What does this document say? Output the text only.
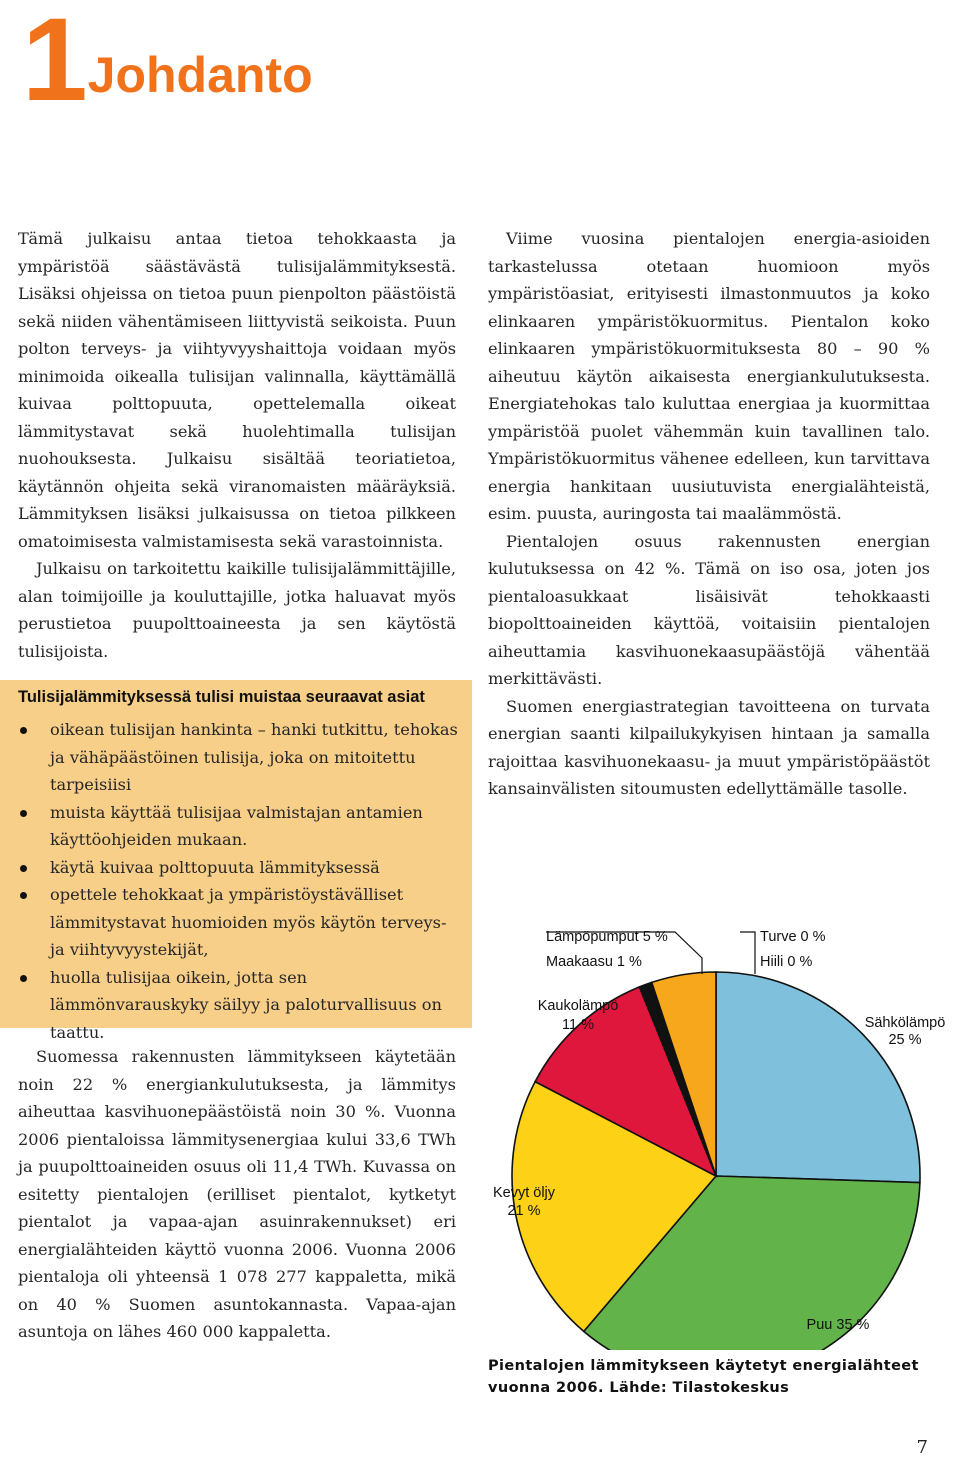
1 Johdanto

Tämä julkaisu antaa tietoa tehokkaasta ja ympäristöä säästävästä tulisijalämmityksestä. Lisäksi ohjeissa on tietoa puun pienpolton päästöistä sekä niiden vähentämiseen liittyvistä seikoista. Puun polton terveys- ja viihtyvyyshaittoja voidaan myös minimoida oikealla tulisijan valinnalla, käyttämällä kuivaa polttopuuta, opettelemalla oikeat lämmitystavat sekä huolehtimalla tulisijan nuohouksesta. Julkaisu sisältää teoriatietoa, käytännön ohjeita sekä viranomaisten määräyksiä. Lämmityksen lisäksi julkaisussa on tietoa pilkkeen omatoimisesta valmistamisesta sekä varastoinnista.

Julkaisu on tarkoitettu kaikille tulisijalämmittäjille, alan toimijoille ja kouluttajille, jotka haluavat myös perustietoa puupolttoaineesta ja sen käytöstä tulisijoista.

Tulisijalämmityksessä tulisi muistaa seuraavat asiat
oikean tulisijan hankinta – hanki tutkittu, tehokas ja vähäpäästöinen tulisija, joka on mitoitettu tarpeisiisi
muista käyttää tulisijaa valmistajan antamien käyttöohjeiden mukaan.
käytä kuivaa polttopuuta lämmityksessä
opettele tehokkaat ja ympäristöystävälliset lämmitystavat huomioiden myös käytön terveys- ja viihtyvyystekijät,
huolla tulisijaa oikein, jotta sen lämmönvarauskyky säilyy ja paloturvallisuus on taattu.

Suomessa rakennusten lämmitykseen käytetään noin 22 % energiankulutuksesta, ja lämmitys aiheuttaa kasvihuonepäästöistä noin 30 %. Vuonna 2006 pientaloissa lämmitysenergiaa kului 33,6 TWh ja puupolttoaineiden osuus oli 11,4 TWh. Kuvassa on esitetty pientalojen (erilliset pientalot, kytketyt pientalot ja vapaa-ajan asuinrakennukset) eri energialähteiden käyttö vuonna 2006. Vuonna 2006 pientaloja oli yhteensä 1 078 277 kappaletta, mikä on 40 % Suomen asuntokannasta. Vapaa-ajan asuntoja on lähes 460 000 kappaletta.

Viime vuosina pientalojen energia-asioiden tarkastelussa otetaan huomioon myös ympäristöasiat, erityisesti ilmastonmuutos ja koko elinkaaren ympäristökuormitus. Pientalon koko elinkaaren ympäristökuormituksesta 80 – 90 % aiheutuu käytön aikaisesta energiankulutuksesta. Energiatehokas talo kuluttaa energiaa ja kuormittaa ympäristöä puolet vähemmän kuin tavallinen talo. Ympäristökuormitus vähenee edelleen, kun tarvittava energia hankitaan uusiutuvista energialähteistä, esim. puusta, auringosta tai maalämmöstä.

Pientalojen osuus rakennusten energian kulutuksessa on 42 %. Tämä on iso osa, joten jos pientaloasukkaat lisäisivät tehokkaasti biopolttoaineiden käyttöä, voitaisiin pientalojen aiheuttamia kasvihuonekaasupäästöjä vähentää merkittävästi.

Suomen energiastrategian tavoitteena on turvata energian saanti kilpailukykyisen hintaan ja samalla rajoittaa kasvihuonekaasu- ja muut ympäristöpäästöt kansainvälisten sitoumusten edellyttämälle tasolle.

Lämpöpumput 5 %
Maakaasu 1 %
Turve 0 %
Hiili 0 %
Kaukolämpö
11 %	Sähkölämpö
25 %
Kevyt öljy
21 %
Puu 35 %
Pientalojen lämmitykseen käytetyt energialähteet vuonna 2006. Lähde: Tilastokeskus
7
